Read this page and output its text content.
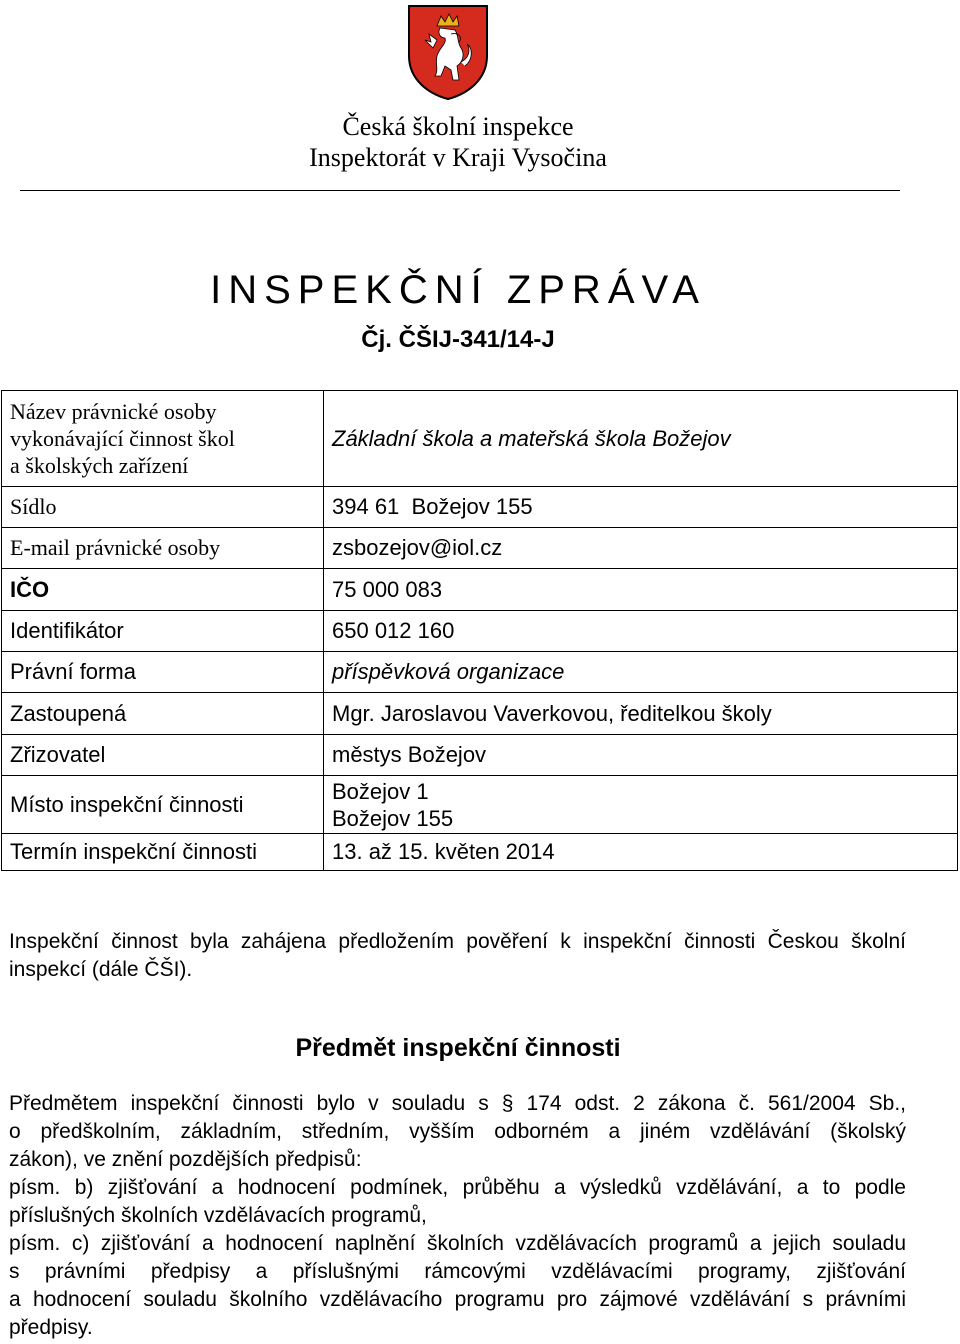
Česká školní inspekce
Inspektorát v Kraji Vysočina
INSPEKČNÍ ZPRÁVA
Čj. ČŠIJ-341/14-J
Název právnické osoby
vykonávající činnost škol
a školských zařízení	Základní škola a mateřská škola Božejov
Sídlo	394 61  Božejov 155
E-mail právnické osoby	zsbozejov@iol.cz
IČO	75 000 083
Identifikátor	650 012 160
Právní forma	příspěvková organizace
Zastoupená	Mgr. Jaroslavou Vaverkovou, ředitelkou školy
Zřizovatel	městys Božejov
Místo inspekční činnosti	Božejov 1
Božejov 155

Termín inspekční činnosti	13. až 15. květen 2014
Inspekční činnost byla zahájena předložením pověření k inspekční činnosti Českou školní inspekcí (dále ČŠI).
Předmět inspekční činnosti
Předmětem inspekční činnosti bylo v souladu s § 174 odst. 2 zákona č. 561/2004 Sb.,
o předškolním, základním, středním, vyšším odborném a jiném vzdělávání (školský
zákon), ve znění pozdějších předpisů:
písm. b) zjišťování a hodnocení podmínek, průběhu a výsledků vzdělávání, a to podle
příslušných školních vzdělávacích programů,
písm. c) zjišťování a hodnocení naplnění školních vzdělávacích programů a jejich souladu
s právními předpisy a příslušnými rámcovými vzdělávacími programy, zjišťování
a hodnocení souladu školního vzdělávacího programu pro zájmové vzdělávání s právními
předpisy.
